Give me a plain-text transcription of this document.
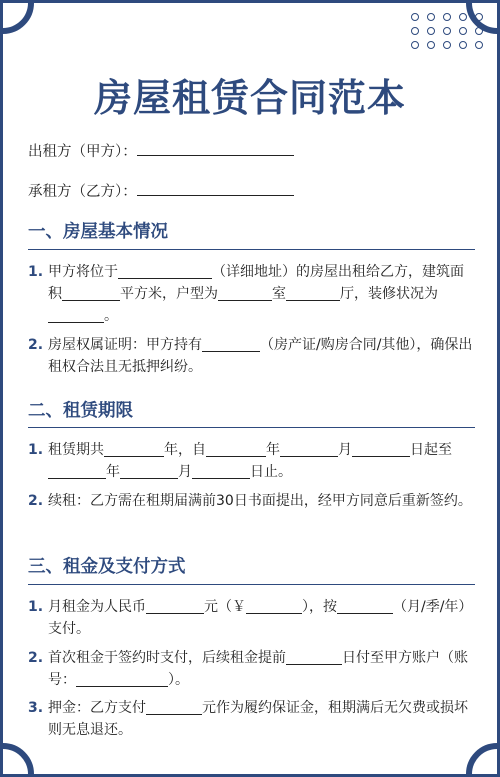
房屋租赁合同范本
出租方（甲方）：
承租方（乙方）：
一、房屋基本情况
1. 甲方将位于	（详细地址）的房屋出租给乙方，建筑面积	平方米，户型为	室	厅，装修状况为。
2. 房屋权属证明：甲方持有	（房产证/购房合同/其他），确保出租权合法且无抵押纠纷。
二、租赁期限
1. 租赁期共	年，自	年	月	日起至年	月	日止。
2. 续租：乙方需在租期届满前30日书面提出，经甲方同意后重新签约。
三、租金及支付方式
1. 月租金为人民币	元（￥	），按	（月/季/年）支付。
2. 首次租金于签约时支付，后续租金提前	日付至甲方账户（账号：	）。
3. 押金：乙方支付	元作为履约保证金，租期满后无欠费或损坏则无息退还。
